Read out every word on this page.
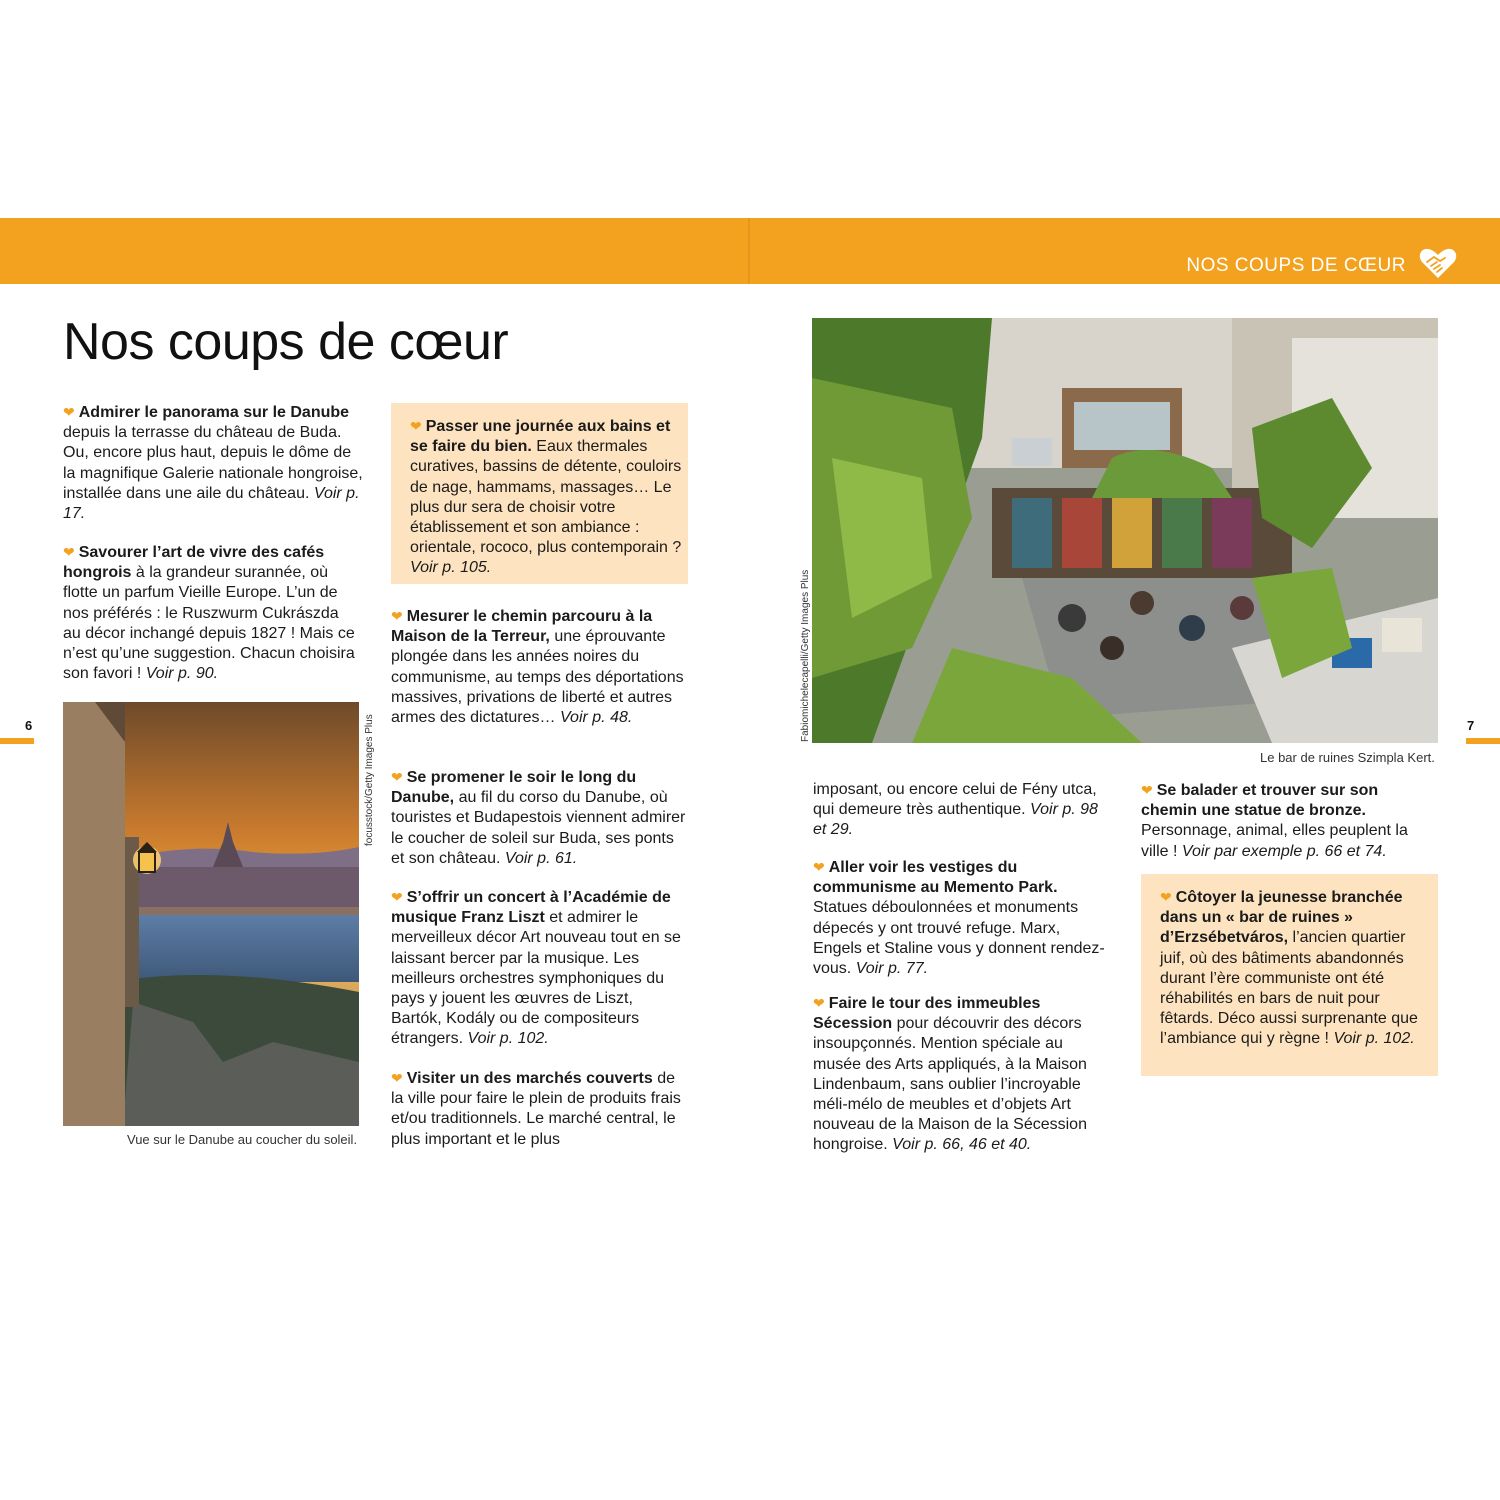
NOS COUPS DE CŒUR
Nos coups de cœur
6	7

❤ Admirer le panorama sur le Danube depuis la terrasse du château de Buda. Ou, encore plus haut, depuis le dôme de la magnifique Galerie nationale hongroise, installée dans une aile du château. Voir p. 17.

❤ Savourer l’art de vivre des cafés hongrois à la grandeur surannée, où flotte un parfum Vieille Europe. L’un de nos préférés : le Ruszwurm Cukrászda au décor inchangé depuis 1827 ! Mais ce n’est qu’une suggestion. Chacun choisira son favori ! Voir p. 90.

focusstock/Getty Images Plus
Vue sur le Danube au coucher du soleil.

❤ Passer une journée aux bains et se faire du bien. Eaux thermales curatives, bassins de détente, couloirs de nage, hammams, massages… Le plus dur sera de choisir votre établissement et son ambiance : orientale, rococo, plus contemporain ? Voir p. 105.

❤ Mesurer le chemin parcouru à la Maison de la Terreur, une éprouvante plongée dans les années noires du communisme, au temps des déportations massives, privations de liberté et autres armes des dictatures… Voir p. 48.

❤ Se promener le soir le long du Danube, au fil du corso du Danube, où touristes et Budapestois viennent admirer le coucher de soleil sur Buda, ses ponts et son château. Voir p. 61.

❤ S’offrir un concert à l’Académie de musique Franz Liszt et admirer le merveilleux décor Art nouveau tout en se laissant bercer par la musique. Les meilleurs orchestres symphoniques du pays y jouent les œuvres de Liszt, Bartók, Kodály ou de compositeurs étrangers. Voir p. 102.

❤ Visiter un des marchés couverts de la ville pour faire le plein de produits frais et/ou traditionnels. Le marché central, le plus important et le plus

Fabiomichelecapelli/Getty Images Plus
Le bar de ruines Szimpla Kert.

imposant, ou encore celui de Fény utca, qui demeure très authentique. Voir p. 98 et 29.

❤ Aller voir les vestiges du communisme au Memento Park. Statues déboulonnées et monuments dépecés y ont trouvé refuge. Marx, Engels et Staline vous y donnent rendez-vous. Voir p. 77.

❤ Faire le tour des immeubles Sécession pour découvrir des décors insoupçonnés. Mention spéciale au musée des Arts appliqués, à la Maison Lindenbaum, sans oublier l’incroyable méli-mélo de meubles et d’objets Art nouveau de la Maison de la Sécession hongroise. Voir p. 66, 46 et 40.

❤ Se balader et trouver sur son chemin une statue de bronze. Personnage, animal, elles peuplent la ville ! Voir par exemple p. 66 et 74.

❤ Côtoyer la jeunesse branchée dans un « bar de ruines » d’Erzsébetváros, l’ancien quartier juif, où des bâtiments abandonnés durant l’ère communiste ont été réhabilités en bars de nuit pour fêtards. Déco aussi surprenante que l’ambiance qui y règne ! Voir p. 102.
